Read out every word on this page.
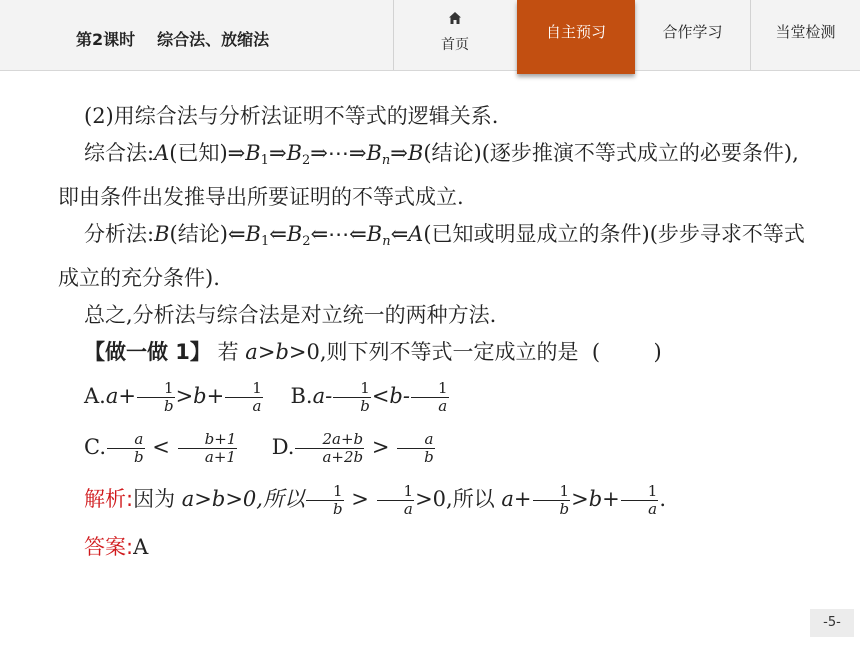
第2课时 综合法、放缩法	首页
自主预习	合作学习	当堂检测

(2)用综合法与分析法证明不等式的逻辑关系.

综合法:A(已知)$\Rightarrow B_1\Rightarrow B_2\Rightarrow\cdots\Rightarrow B_n\Rightarrow B$(结论)(逐步推演不等式成立的必要条件),即由条件出发推导出所要证明的不等式成立.

分析法:B(结论)$⇐B_1⇐B_2⇐\cdots⇐B_n⇐A$(已知或明显成立的条件)(步步寻求不等式成立的充分条件).

总之,分析法与综合法是对立统一的两种方法.

【做一做 1】 若 a>b>0,则下列不等式一定成立的是 (        )

$A.a+ \frac{1}{b} >b+ \frac{1}{a} B.a- \frac{1}{b} <b- \frac{1}{a}$

C. $\frac{a}{b} < \frac{b+1}{a+1} D$. $\frac{2a+b}{a+2b} > \frac{a}{b}$

解析:因为 a>b>0,所以 $\frac{1}{b} > \frac{1}{a} >0$,所以 $a+ \frac{1}{b} >b+ \frac{1}{a}$ .

答案:A

-5-
